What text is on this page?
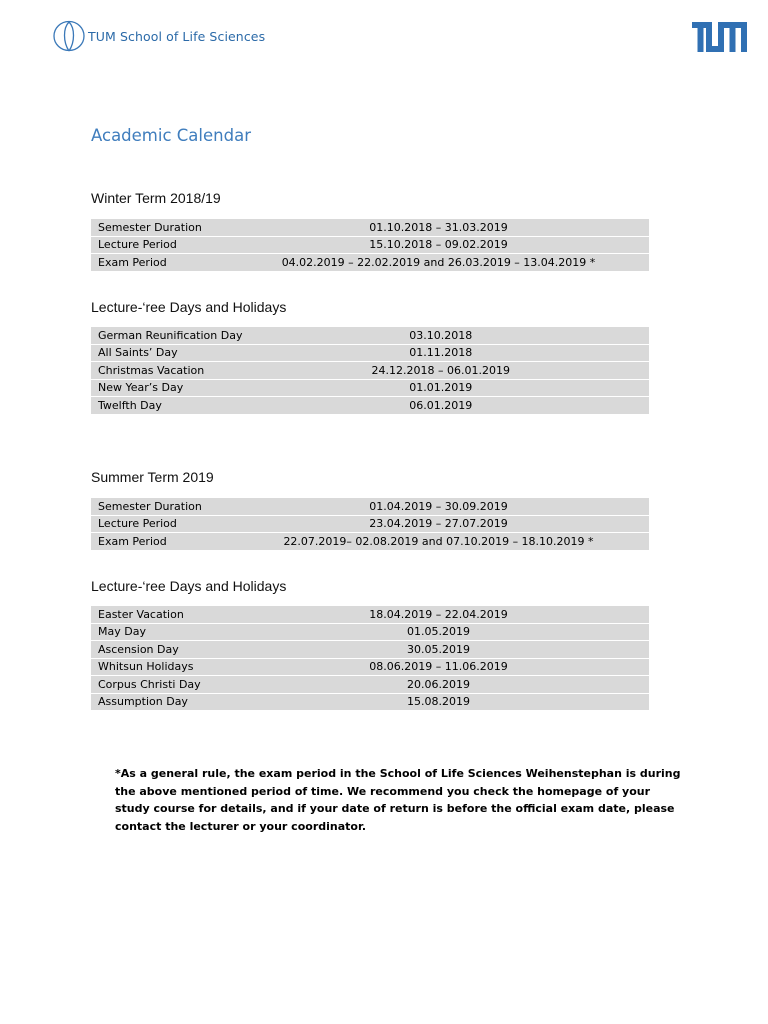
TUM School of Life Sciences
Academic Calendar
Winter Term 2018/19
Semester Duration	01.10.2018 – 31.03.2019
Lecture Period	15.10.2018 – 09.02.2019
Exam Period	04.02.2019 – 22.02.2019 and 26.03.2019 – 13.04.2019 *
Lecture-‘ree Days and Holidays
German Reunification Day	03.10.2018
All Saints’ Day	01.11.2018
Christmas Vacation	24.12.2018 – 06.01.2019
New Year’s Day	01.01.2019
Twelfth Day	06.01.2019
Summer Term 2019
Semester Duration	01.04.2019 – 30.09.2019
Lecture Period	23.04.2019 – 27.07.2019
Exam Period	22.07.2019– 02.08.2019 and 07.10.2019 – 18.10.2019 *
Lecture-‘ree Days and Holidays
Easter Vacation	18.04.2019 – 22.04.2019
May Day	01.05.2019
Ascension Day	30.05.2019
Whitsun Holidays	08.06.2019 – 11.06.2019
Corpus Christi Day	20.06.2019
Assumption Day	15.08.2019

*As a general rule, the exam period in the School of Life Sciences Weihenstephan is during the above mentioned period of time. We recommend you check the homepage of your study course for details, and if your date of return is before the official exam date, please contact the lecturer or your coordinator.
